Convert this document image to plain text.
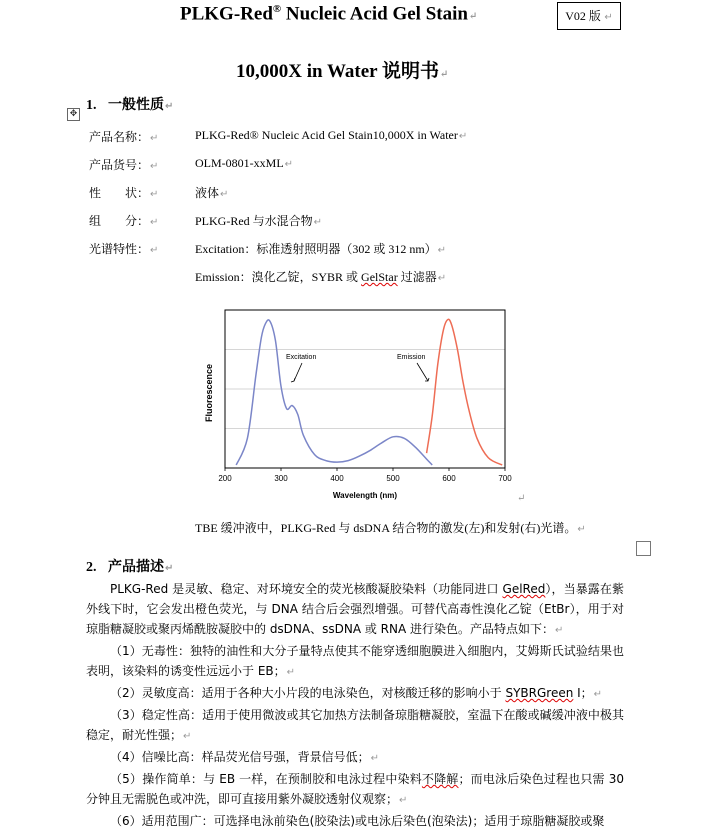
PLKG-Red® Nucleic Acid Gel Stain↵	V02 版 ↵
10,000X in Water 说明书↵
✥
1. 一般性质↵
产品名称：↵	PLKG-Red® Nucleic Acid Gel Stain10,000X in Water↵
产品货号：↵	OLM-0801-xxML↵
性　　状：↵	液体↵
组　　分：↵	PLKG-Red 与水混合物↵
光谱特性：↵	Excitation：标准透射照明器（302 或 312 nm）↵
Emission：溴化乙锭，SYBR 或 GelStar 过滤器↵
200	300	400	500	600	700
Excitation	Emission
Wavelength (nm)
Fluorescence
↵
TBE 缓冲液中，PLKG-Red 与 dsDNA 结合物的激发(左)和发射(右)光谱。↵
2. 产品描述↵

PLKG-Red 是灵敏、稳定、对环境安全的荧光核酸凝胶染料（功能同进口 GelRed），当暴露在紫外线下时，它会发出橙色荧光，与 DNA 结合后会强烈增强。可替代高毒性溴化乙锭（EtBr），用于对琼脂糖凝胶或聚丙烯酰胺凝胶中的 dsDNA、ssDNA 或 RNA 进行染色。产品特点如下：↵

（1）无毒性：独特的油性和大分子量特点使其不能穿透细胞膜进入细胞内，艾姆斯氏试验结果也表明，该染料的诱变性远远小于 EB；↵

（2）灵敏度高：适用于各种大小片段的电泳染色，对核酸迁移的影响小于 SYBRGreen I；↵

（3）稳定性高：适用于使用微波或其它加热方法制备琼脂糖凝胶，室温下在酸或碱缓冲液中极其稳定，耐光性强；↵

（4）信噪比高：样品荧光信号强，背景信号低；↵

（5）操作简单：与 EB 一样，在预制胶和电泳过程中染料不降解；而电泳后染色过程也只需 30 分钟且无需脱色或冲洗，即可直接用紫外凝胶透射仪观察；↵

（6）适用范围广：可选择电泳前染色(胶染法)或电泳后染色(泡染法)；适用于琼脂糖凝胶或聚
